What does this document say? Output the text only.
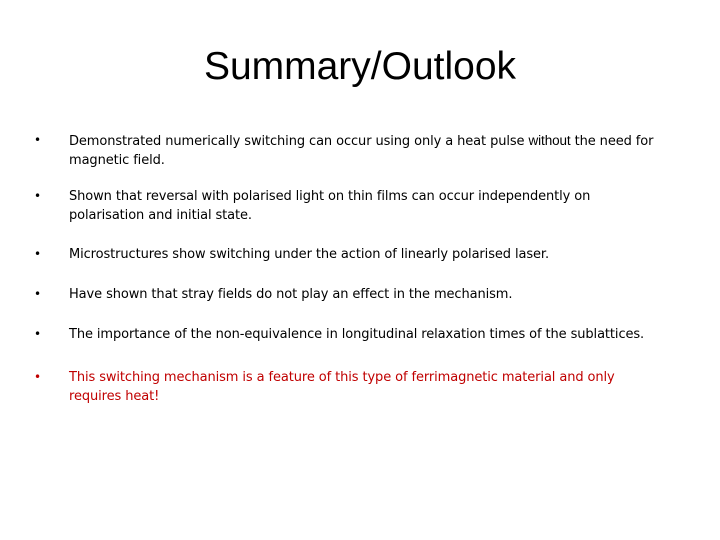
Summary/Outlook
• Demonstrated numerically switching can occur using only a heat pulse without the need for magnetic field.
• Shown that reversal with polarised light on thin films can occur independently on polarisation and initial state.
• Microstructures show switching under the action of linearly polarised laser.
• Have shown that stray fields do not play an effect in the mechanism.
• The importance of the non-equivalence in longitudinal relaxation times of the sublattices.
• This switching mechanism is a feature of this type of ferrimagnetic material and only requires heat!
